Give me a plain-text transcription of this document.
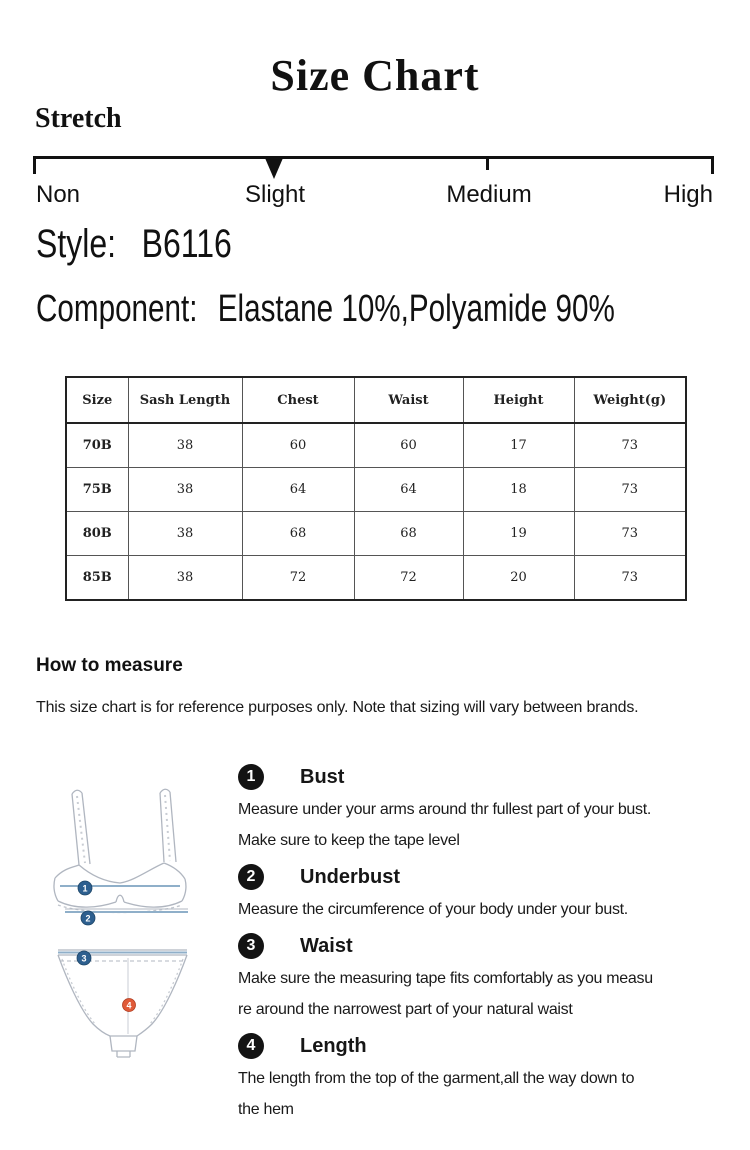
Size Chart
Stretch
Non	Slight	Medium	High
Style: B6116
Component: Elastane 10%,Polyamide 90%
Size	Sash Length	Chest	Waist	Height	Weight(g)
70B	38	60	60	17	73
75B	38	64	64	18	73
80B	38	68	68	19	73
85B	38	72	72	20	73
How to measure
This size chart is for reference purposes only. Note that sizing will vary between brands.
1
2
3
4
1	Bust
Measure under your arms around thr fullest part of your bust.
Make sure to keep the tape level
2	Underbust
Measure the circumference of your body under your bust.
3	Waist
Make sure the measuring tape fits comfortably as you measu
re around the narrowest part of your natural waist
4	Length
The length from the top of the garment,all the way down to
the hem
